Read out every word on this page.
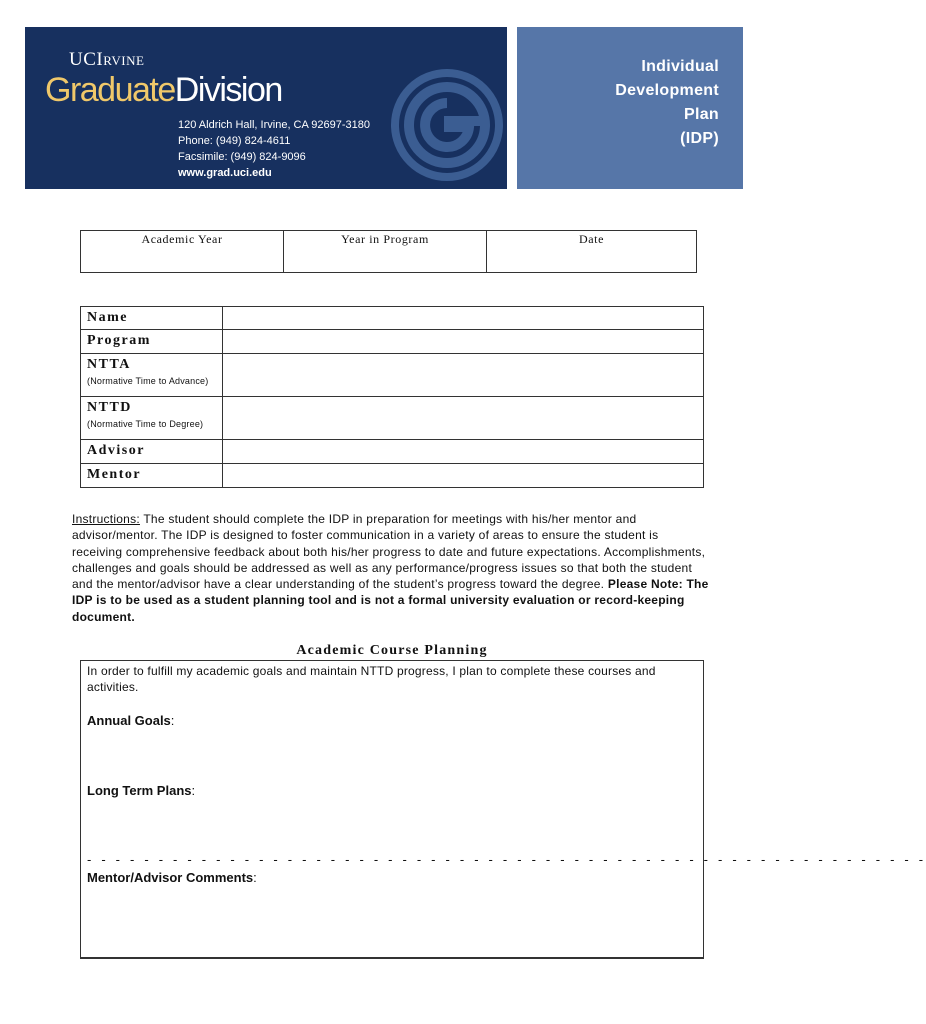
UCIRVINE
GraduateDivision
120 Aldrich Hall, Irvine, CA 92697-3180
Phone: (949) 824-4611
Facsimile: (949) 824-9096
www.grad.uci.edu
Individual
Development
Plan
(IDP)
Academic Year	Year in Program	Date
Name	

Program	

NTTA
(Normative Time to Advance)	

NTTD
(Normative Time to Degree)	

Advisor	

Mentor	

Instructions: The student should complete the IDP in preparation for meetings with his/her mentor and advisor/mentor. The IDP is designed to foster communication in a variety of areas to ensure the student is receiving comprehensive feedback about both his/her progress to date and future expectations. Accomplishments, challenges and goals should be addressed as well as any performance/progress issues so that both the student and the mentor/advisor have a clear understanding of the student’s progress toward the degree. Please Note: The IDP is to be used as a student planning tool and is not a formal university evaluation or record-keeping document.
Academic Course Planning
In order to fulfill my academic goals and maintain NTTD progress, I plan to complete these courses and activities.
Annual Goals:
Long Term Plans:
- - - - - - - - - - - - - - - - - - - - - - - - - - - - - - - - - - - - - - - - - - - - - - - - - - - - - - - - - - -
Mentor/Advisor Comments:
